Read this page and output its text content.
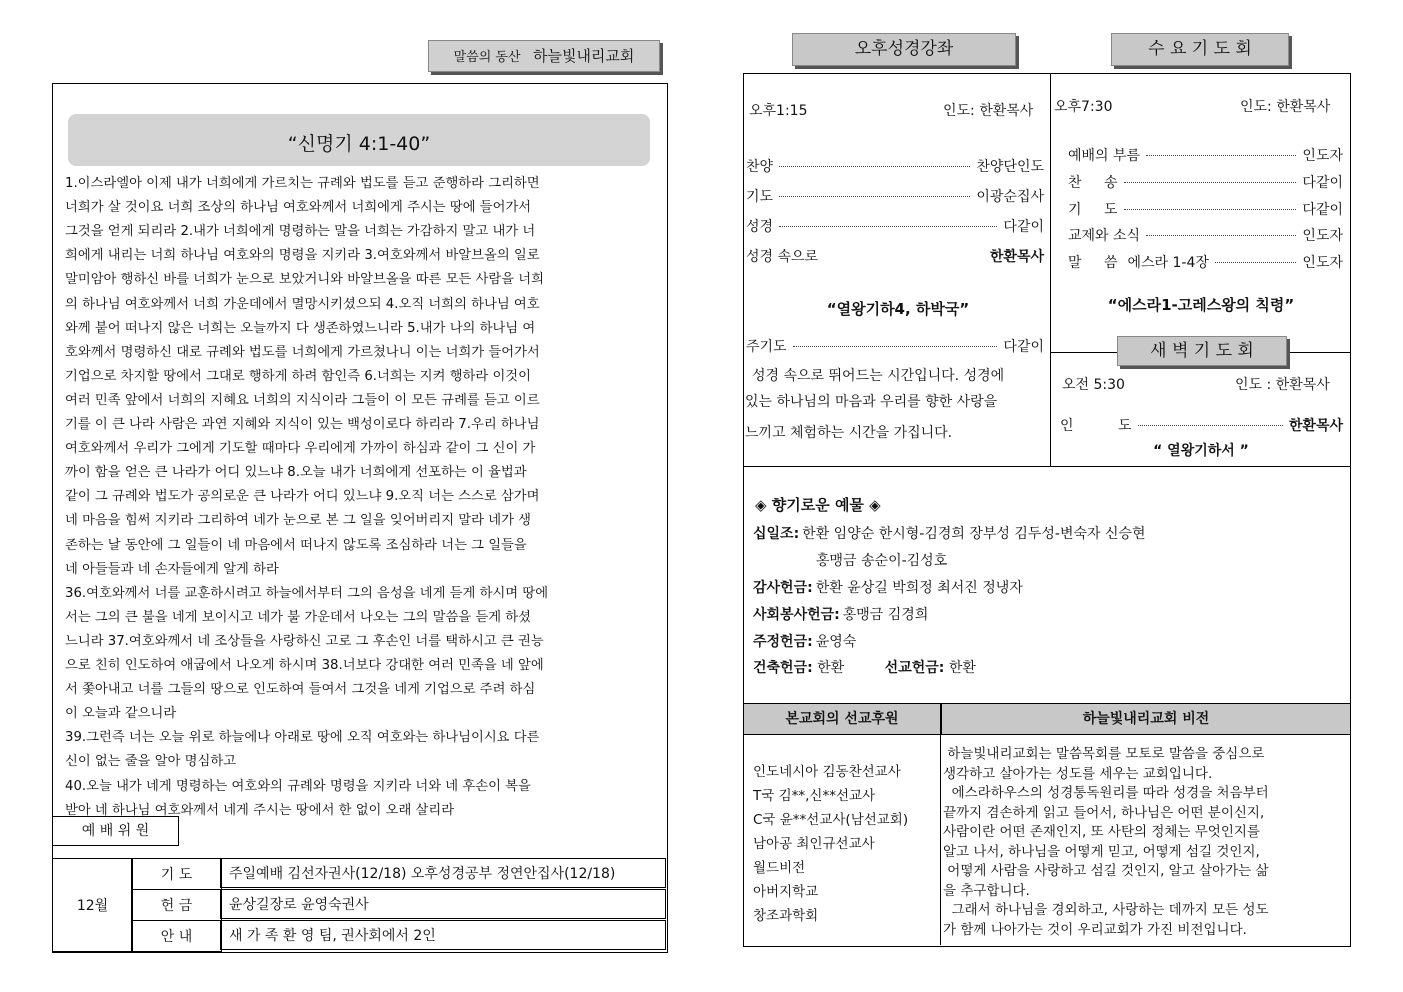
말씀의 동산 하늘빛내리교회
“신명기 4:1-40”
1.이스라엘아 이제 내가 너희에게 가르치는 규례와 법도를 듣고 준행하라 그리하면
너희가 살 것이요 너희 조상의 하나님 여호와께서 너희에게 주시는 땅에 들어가서
그것을 얻게 되리라 2.내가 너희에게 명령하는 말을 너희는 가감하지 말고 내가 너
희에게 내리는 너희 하나님 여호와의 명령을 지키라 3.여호와께서 바알브올의 일로
말미암아 행하신 바를 너희가 눈으로 보았거니와 바알브올을 따른 모든 사람을 너희
의 하나님 여호와께서 너희 가운데에서 멸망시키셨으되 4.오직 너희의 하나님 여호
와께 붙어 떠나지 않은 너희는 오늘까지 다 생존하였느니라 5.내가 나의 하나님 여
호와께서 명령하신 대로 규례와 법도를 너희에게 가르쳤나니 이는 너희가 들어가서
기업으로 차지할 땅에서 그대로 행하게 하려 함인즉 6.너희는 지켜 행하라 이것이
여러 민족 앞에서 너희의 지혜요 너희의 지식이라 그들이 이 모든 규례를 듣고 이르
기를 이 큰 나라 사람은 과연 지혜와 지식이 있는 백성이로다 하리라 7.우리 하나님
여호와께서 우리가 그에게 기도할 때마다 우리에게 가까이 하심과 같이 그 신이 가
까이 함을 얻은 큰 나라가 어디 있느냐 8.오늘 내가 너희에게 선포하는 이 율법과
같이 그 규례와 법도가 공의로운 큰 나라가 어디 있느냐 9.오직 너는 스스로 삼가며
네 마음을 힘써 지키라 그리하여 네가 눈으로 본 그 일을 잊어버리지 말라 네가 생
존하는 날 동안에 그 일들이 네 마음에서 떠나지 않도록 조심하라 너는 그 일들을
네 아들들과 네 손자들에게 알게 하라
36.여호와께서 너를 교훈하시려고 하늘에서부터 그의 음성을 네게 듣게 하시며 땅에
서는 그의 큰 불을 네게 보이시고 네가 불 가운데서 나오는 그의 말씀을 듣게 하셨
느니라 37.여호와께서 네 조상들을 사랑하신 고로 그 후손인 너를 택하시고 큰 권능
으로 친히 인도하여 애굽에서 나오게 하시며 38.너보다 강대한 여러 민족을 네 앞에
서 쫓아내고 너를 그들의 땅으로 인도하여 들여서 그것을 네게 기업으로 주려 하심
이 오늘과 같으니라
39.그런즉 너는 오늘 위로 하늘에나 아래로 땅에 오직 여호와는 하나님이시요 다른
신이 없는 줄을 알아 명심하고
40.오늘 내가 네게 명령하는 여호와의 규례와 명령을 지키라 너와 네 후손이 복을
받아 네 하나님 여호와께서 네게 주시는 땅에서 한 없이 오래 살리라
예 배 위 원
12월
기 도	주일예배 김선자권사(12/18) 오후성경공부 정연안집사(12/18)
헌 금	윤상길장로 윤영숙권사
안 내	새 가 족 환 영 팀, 권사회에서 2인
오후성경강좌	수 요 기 도 회
오후1:15	인도: 한환목사
찬양	찬양단인도
기도	이광순집사
성경	다같이
성경 속으로	한환목사
“열왕기하4, 하박국”
주기도	다같이
성경 속으로 뛰어드는 시간입니다. 성경에
있는 하나님의 마음과 우리를 향한 사랑을
느끼고 체험하는 시간을 가집니다.
오후7:30	인도: 한환목사
예배의 부름	인도자
찬 송	다같이
기 도	다같이
교제와 소식	인도자
말 씀 에스라 1-4장	인도자
“에스라1-고레스왕의 칙령”
새 벽 기 도 회
오전 5:30	인도 : 한환목사
인 도	한환목사
“ 열왕기하서 ”
◈ 향기로운 예물 ◈
십일조: 한환 임양순 한시형-김경희 장부성 김두성-변숙자 신승현
홍맹금 송순이-김성호
감사헌금: 한환 윤상길 박희정 최서진 정냉자
사회봉사헌금: 홍맹금 김경희
주정헌금: 윤영숙
건축헌금: 한환	선교헌금: 한환
본교회의 선교후원	하늘빛내리교회 비전
인도네시아 김동찬선교사
T국 김**,신**선교사
C국 윤**선교사(남선교회)
남아공 최인규선교사
월드비전
아버지학교
창조과학회
하늘빛내리교회는 말씀목회를 모토로 말씀을 중심으로
생각하고 살아가는 성도를 세우는 교회입니다.
에스라하우스의 성경통독원리를 따라 성경을 처음부터
끝까지 겸손하게 읽고 들어서, 하나님은 어떤 분이신지,
사람이란 어떤 존재인지, 또 사탄의 정체는 무엇인지를
알고 나서, 하나님을 어떻게 믿고, 어떻게 섬길 것인지,
어떻게 사람을 사랑하고 섬길 것인지, 알고 살아가는 삶
을 추구합니다.
그래서 하나님을 경외하고, 사랑하는 데까지 모든 성도
가 함께 나아가는 것이 우리교회가 가진 비전입니다.
